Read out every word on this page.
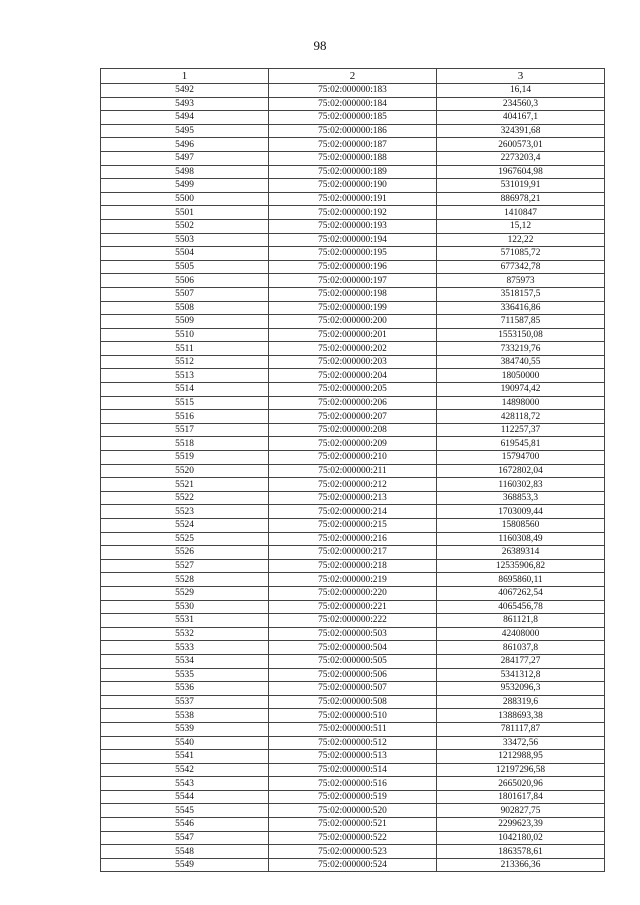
98
1	2	3
5492	75:02:000000:183	16,14
5493	75:02:000000:184	234560,3
5494	75:02:000000:185	404167,1
5495	75:02:000000:186	324391,68
5496	75:02:000000:187	2600573,01
5497	75:02:000000:188	2273203,4
5498	75:02:000000:189	1967604,98
5499	75:02:000000:190	531019,91
5500	75:02:000000:191	886978,21
5501	75:02:000000:192	1410847
5502	75:02:000000:193	15,12
5503	75:02:000000:194	122,22
5504	75:02:000000:195	571085,72
5505	75:02:000000:196	677342,78
5506	75:02:000000:197	875973
5507	75:02:000000:198	3518157,5
5508	75:02:000000:199	336416,86
5509	75:02:000000:200	711587,85
5510	75:02:000000:201	1553150,08
5511	75:02:000000:202	733219,76
5512	75:02:000000:203	384740,55
5513	75:02:000000:204	18050000
5514	75:02:000000:205	190974,42
5515	75:02:000000:206	14898000
5516	75:02:000000:207	428118,72
5517	75:02:000000:208	112257,37
5518	75:02:000000:209	619545,81
5519	75:02:000000:210	15794700
5520	75:02:000000:211	1672802,04
5521	75:02:000000:212	1160302,83
5522	75:02:000000:213	368853,3
5523	75:02:000000:214	1703009,44
5524	75:02:000000:215	15808560
5525	75:02:000000:216	1160308,49
5526	75:02:000000:217	26389314
5527	75:02:000000:218	12535906,82
5528	75:02:000000:219	8695860,11
5529	75:02:000000:220	4067262,54
5530	75:02:000000:221	4065456,78
5531	75:02:000000:222	861121,8
5532	75:02:000000:503	42408000
5533	75:02:000000:504	861037,8
5534	75:02:000000:505	284177,27
5535	75:02:000000:506	5341312,8
5536	75:02:000000:507	9532096,3
5537	75:02:000000:508	288319,6
5538	75:02:000000:510	1388693,38
5539	75:02:000000:511	781117,87
5540	75:02:000000:512	33472,56
5541	75:02:000000:513	1212988,95
5542	75:02:000000:514	12197296,58
5543	75:02:000000:516	2665020,96
5544	75:02:000000:519	1801617,84
5545	75:02:000000:520	902827,75
5546	75:02:000000:521	2299623,39
5547	75:02:000000:522	1042180,02
5548	75:02:000000:523	1863578,61
5549	75:02:000000:524	213366,36
